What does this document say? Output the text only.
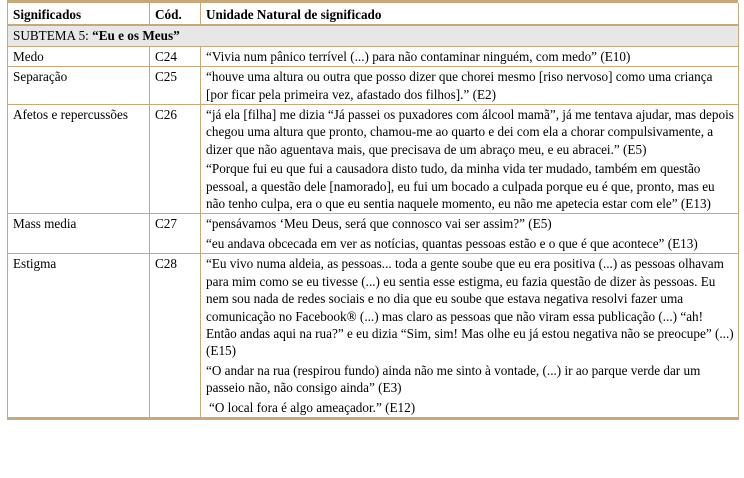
Significados	Cód.	Unidade Natural de significado
SUBTEMA 5: “Eu e os Meus”		
Medo	C24	“Vivia num pânico terrível (...) para não contaminar ninguém, com medo” (E10)

Separação	C25	“houve uma altura ou outra que posso dizer que chorei mesmo [riso nervoso] como uma criança [por ficar pela primeira vez, afastado dos filhos].” (E2)

Afetos e repercussões	C26	“já ela [filha] me dizia “Já passei os puxadores com álcool mamã”, já me tentava ajudar, mas depois chegou uma altura que pronto, chamou-me ao quarto e dei com ela a chorar compulsivamente, a dizer que não aguentava mais, que precisava de um abraço meu, e eu abracei.” (E5)

“Porque fui eu que fui a causadora disto tudo, da minha vida ter mudado, também em questão pessoal, a questão dele [namorado], eu fui um bocado a culpada porque eu é que, pronto, mas eu não tenho culpa, era o que eu sentia naquele momento, eu não me apetecia estar com ele” (E13)

Mass media	C27	“pensávamos ‘Meu Deus, será que connosco vai ser assim?” (E5)

“eu andava obcecada em ver as notícias, quantas pessoas estão e o que é que acontece” (E13)

Estigma	C28	“Eu vivo numa aldeia, as pessoas... toda a gente soube que eu era positiva (...) as pessoas olhavam para mim como se eu tivesse (...) eu sentia esse estigma, eu fazia questão de dizer às pessoas. Eu nem sou nada de redes sociais e no dia que eu soube que estava negativa resolvi fazer uma comunicação no Facebook® (...) mas claro as pessoas que não viram essa publicação (...) “ah! Então andas aqui na rua?” e eu dizia “Sim, sim! Mas olhe eu já estou negativa não se preocupe” (...) (E15)

“O andar na rua (respirou fundo) ainda não me sinto à vontade, (...) ir ao parque verde dar um passeio não, não consigo ainda” (E3)

“O local fora é algo ameaçador.” (E12)
